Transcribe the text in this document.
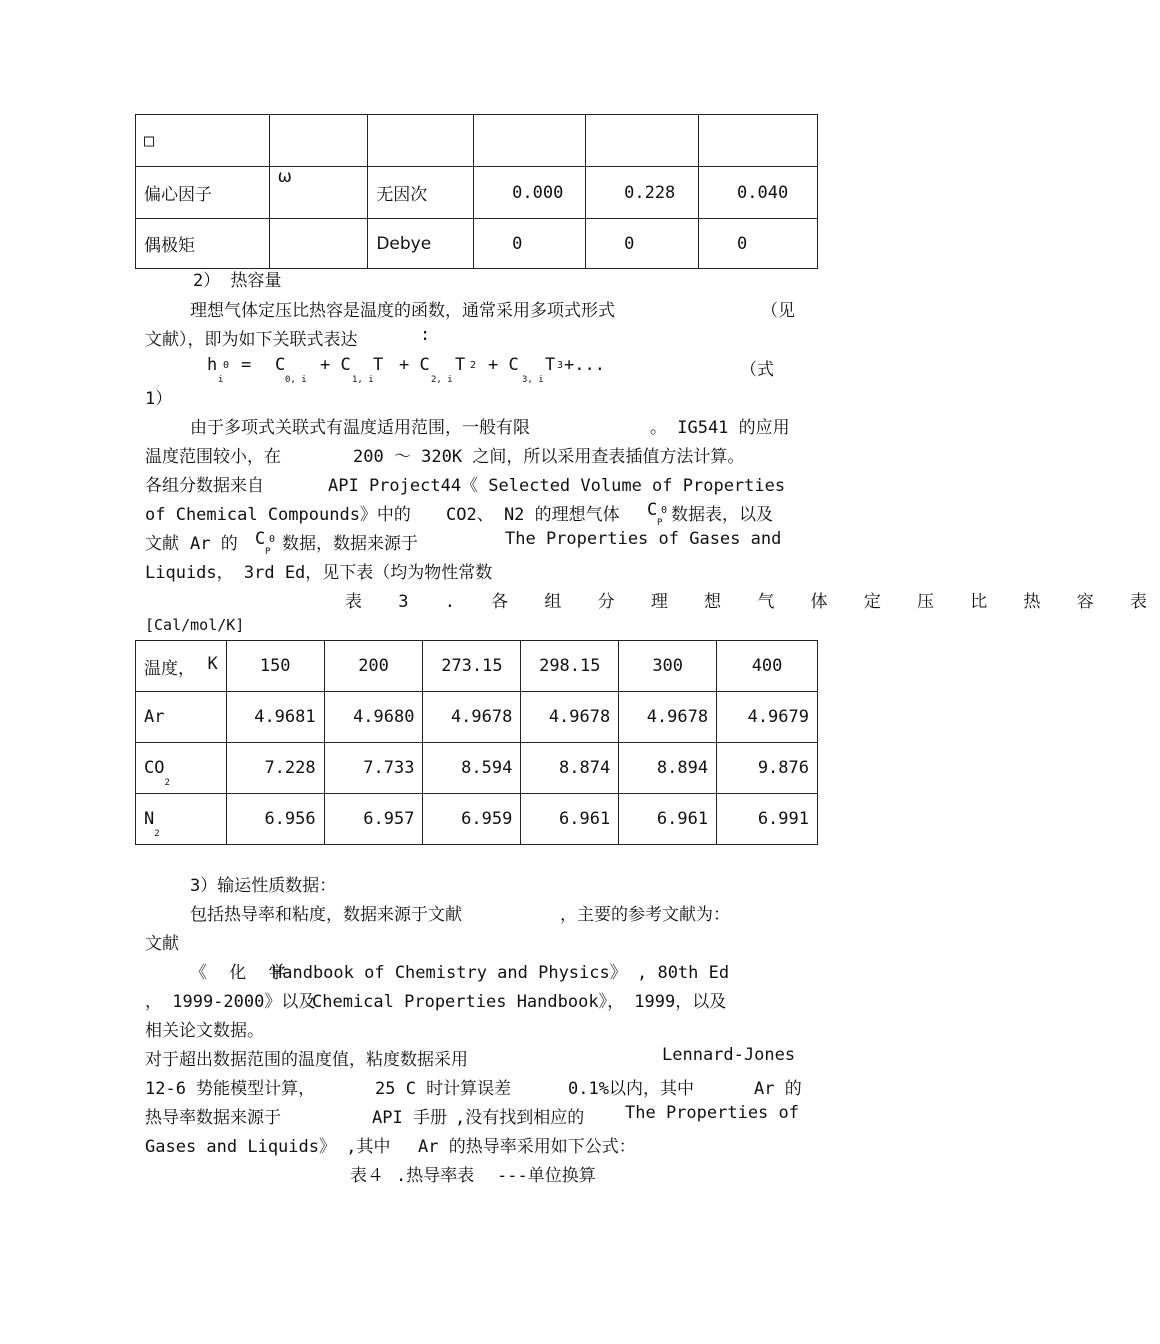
□					
偏心因子	ω	无因次	0.000	0.228	0.040
偶极矩		Debye	0	0	0
2） 热容量
理想气体定压比热容是温度的函数，通常采用多项式形式	（见
文献），即为如下关联式表达	:
h 0
i
= C
0, i
+ C
1, i
T + C
2, i
T 2 + C
3, i
T 3 +...	（式
1）
由于多项式关联式有温度适用范围，一般有限	。 IG541 的应用
温度范围较小，在	200 ～ 320K 之间，所以采用查表插值方法计算。
各组分数据来自	API Project44《 Selected Volume of Properties
of Chemical Compounds》中的 CO2、 N2 的理想气体 C 0
P 数据表，以及
文献 Ar 的 C 0
P 数据，数据来源于	The Properties of Gases and
Liquids， 3rd Ed，见下表（均为物性常数
表 3 . 各 组 分 理 想 气 体 定 压 比 热 容 表
[Cal/mol/K]
温度， K	150	200	273.15	298.15	300	400
Ar	4.9681	4.9680	4.9678	4.9678	4.9678	4.9679
$CO_2$	7.228	7.733	8.594	8.874	8.894	9.876
$N_2$	6.956	6.957	6.959	6.961	6.961	6.991
3）输运性质数据：
包括热导率和粘度，数据来源于文献	，主要的参考文献为：
文献
《 化 学
Handbook of Chemistry and Physics》 , 80th Ed
， 1999-2000》以及
Chemical Properties Handbook》， 1999，以及
相关论文数据。
对于超出数据范围的温度值，粘度数据采用	Lennard-Jones
12-6 势能模型计算，	25 C 时计算误差	0.1%以内，其中	Ar 的
热导率数据来源于	API 手册 ,没有找到相应的 The Properties of
Gases and Liquids》 ,其中 Ar 的热导率采用如下公式：
表４ .热导率表 ---单位换算
